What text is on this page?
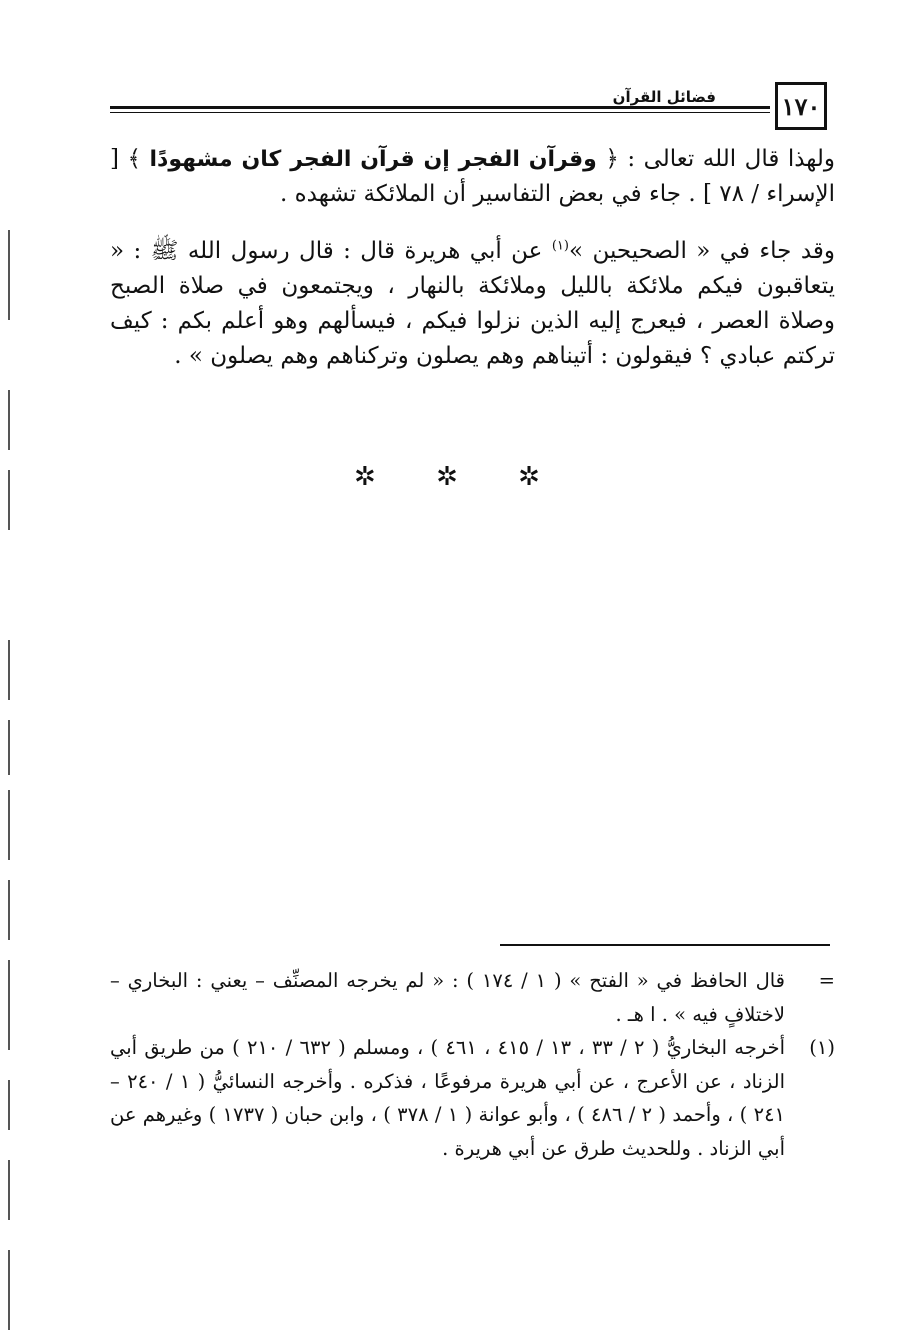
١٧٠
فضائل القرآن

ولهذا قال الله تعالى : ﴿ وقرآن الفجر إن قرآن الفجر كان مشهودًا ﴾ [ الإسراء / ٧٨ ] . جاء في بعض التفاسير أن الملائكة تشهده .

وقد جاء في « الصحيحين »$^{(١)}$ عن أبي هريرة قال : قال رسول الله ﷺ : « يتعاقبون فيكم ملائكة بالليل وملائكة بالنهار ، ويجتمعون في صلاة الصبح وصلاة العصر ، فيعرج إليه الذين نزلوا فيكم ، فيسألهم وهو أعلم بكم : كيف تركتم عبادي ؟ فيقولون : أتيناهم وهم يصلون وتركناهم وهم يصلون » .

✲ ✲ ✲
=
قال الحافظ في « الفتح » ( ١ / ١٧٤ ) : « لم يخرجه المصنِّف – يعني : البخاري – لاختلافٍ فيه » . ا هـ .
(١)
أخرجه البخاريُّ ( ٢ / ٣٣ ، ١٣ / ٤١٥ ، ٤٦١ ) ، ومسلم ( ٦٣٢ / ٢١٠ ) من طريق أبي الزناد ، عن الأعرج ، عن أبي هريرة مرفوعًا ، فذكره . وأخرجه النسائيُّ ( ١ / ٢٤٠ – ٢٤١ ) ، وأحمد ( ٢ / ٤٨٦ ) ، وأبو عوانة ( ١ / ٣٧٨ ) ، وابن حبان ( ١٧٣٧ ) وغيرهم عن أبي الزناد . وللحديث طرق عن أبي هريرة .
